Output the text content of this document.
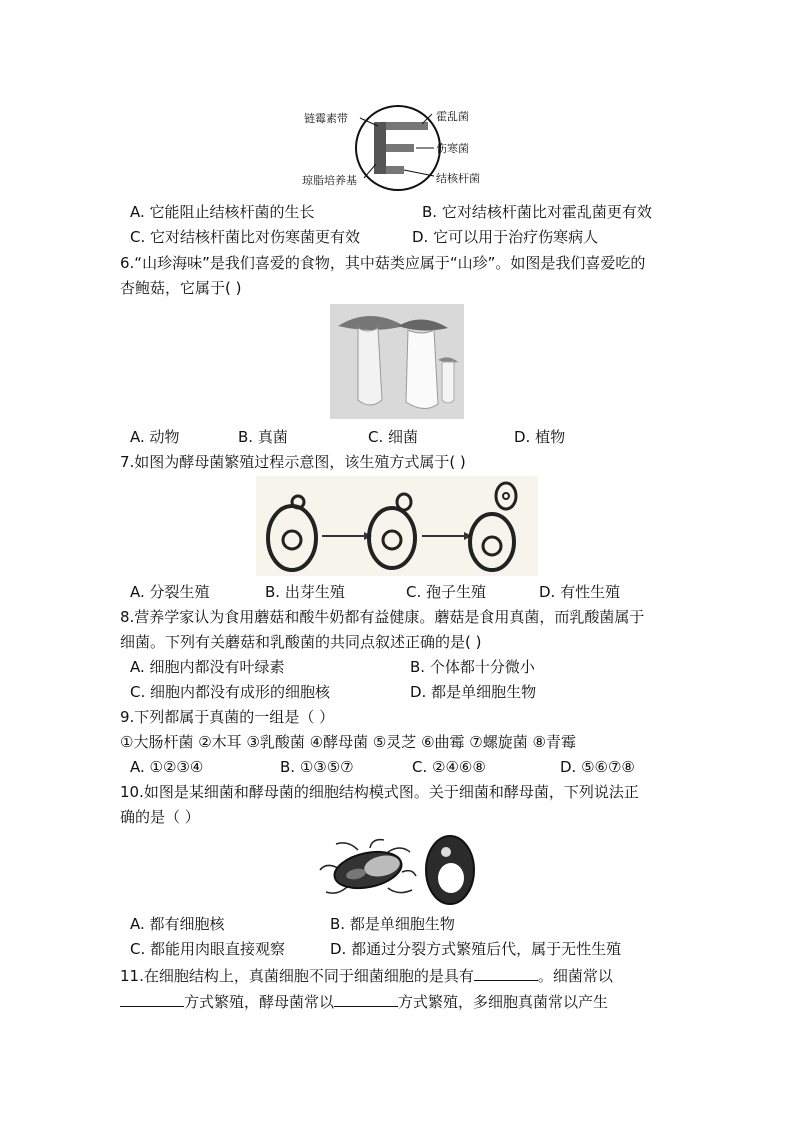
链霉素带	霍乱菌
伤寒菌
结核杆菌
琼脂培养基
A. 它能阻止结核杆菌的生长	B. 它对结核杆菌比对霍乱菌更有效
C. 它对结核杆菌比对伤寒菌更有效	D. 它可以用于治疗伤寒病人
6.“山珍海味”是我们喜爱的食物，其中菇类应属于“山珍”。如图是我们喜爱吃的
杏鲍菇，它属于( )
A. 动物	B. 真菌	C. 细菌	D. 植物
7.如图为酵母菌繁殖过程示意图，该生殖方式属于( )
A. 分裂生殖	B. 出芽生殖	C. 孢子生殖	D. 有性生殖
8.营养学家认为食用蘑菇和酸牛奶都有益健康。蘑菇是食用真菌，而乳酸菌属于
细菌。下列有关蘑菇和乳酸菌的共同点叙述正确的是( )
A. 细胞内都没有叶绿素	B. 个体都十分微小
C. 细胞内都没有成形的细胞核	D. 都是单细胞生物
9.下列都属于真菌的一组是（ ）
①大肠杆菌 ②木耳 ③乳酸菌 ④酵母菌 ⑤灵芝 ⑥曲霉 ⑦螺旋菌 ⑧青霉
A. ①②③④	B. ①③⑤⑦	C. ②④⑥⑧	D. ⑤⑥⑦⑧
10.如图是某细菌和酵母菌的细胞结构模式图。关于细菌和酵母菌，下列说法正
确的是（ ）
A. 都有细胞核	B. 都是单细胞生物
C. 都能用肉眼直接观察	D. 都通过分裂方式繁殖后代，属于无性生殖
11.在细胞结构上，真菌细胞不同于细菌细胞的是具有	。细菌常以
方式繁殖，酵母菌常以	方式繁殖，多细胞真菌常以产生
